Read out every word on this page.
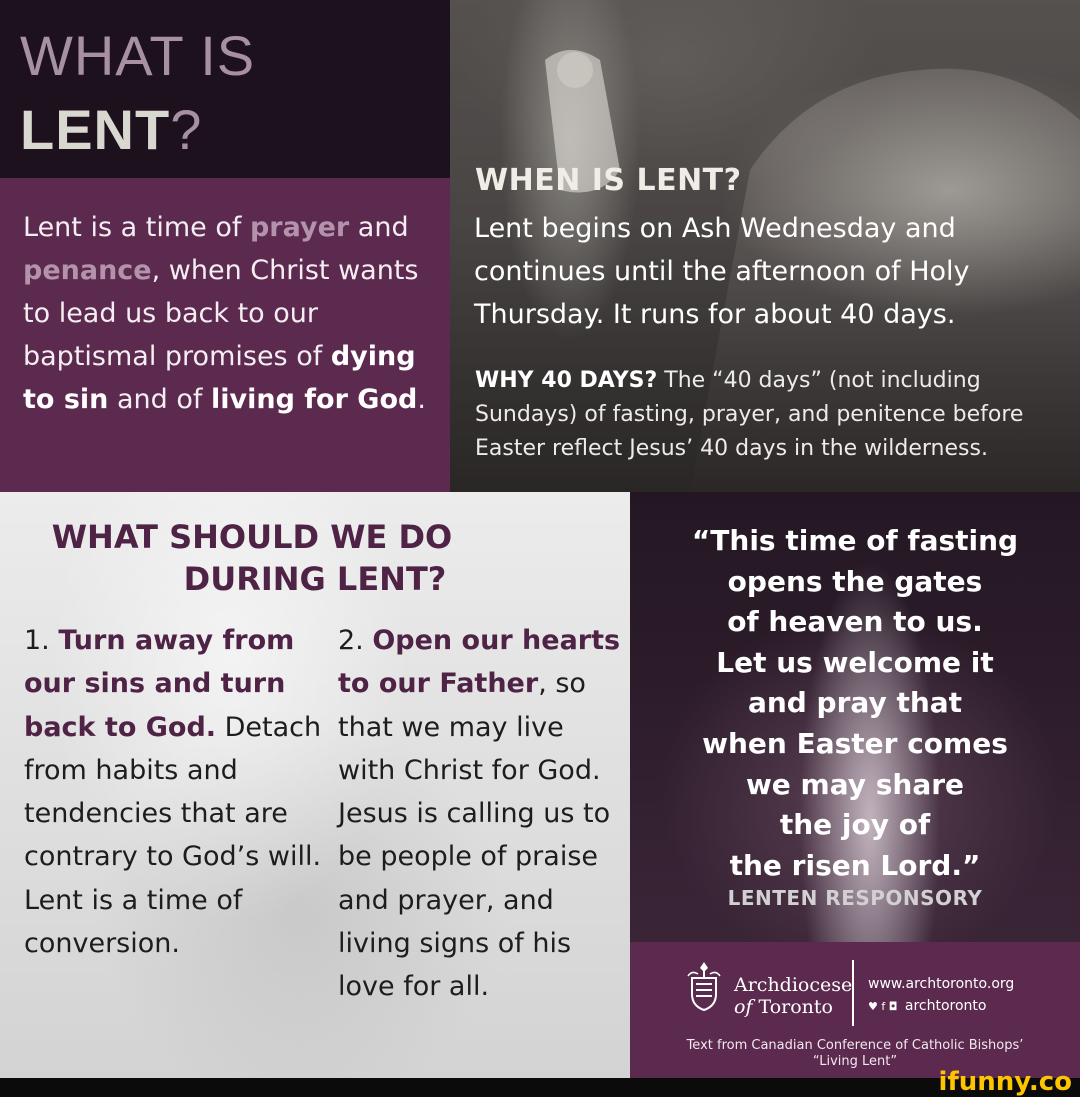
WHAT IS
LENT?
Lent is a time of prayer and penance, when Christ wants to lead us back to our baptismal promises of dying to sin and of living for God.
WHEN IS LENT?
Lent begins on Ash Wednesday and continues until the afternoon of Holy Thursday. It runs for about 40 days.
WHY 40 DAYS? The “40 days” (not including Sundays) of fasting, prayer, and penitence before Easter reflect Jesus’ 40 days in the wilderness.
WHAT SHOULD WE DO
DURING LENT?
1. Turn away from our sins and turn back to God. Detach from habits and tendencies that are contrary to God’s will. Lent is a time of conversion.
2. Open our hearts to our Father, so that we may live with Christ for God. Jesus is calling us to be people of praise and prayer, and living signs of his love for all.
“This time of fasting
opens the gates
of heaven to us.
Let us welcome it
and pray that
when Easter comes
we may share
the joy of
the risen Lord.”
LENTEN RESPONSORY
Archdiocese
of Toronto
www.archtoronto.org
♥ f ◘ archtoronto
Text from Canadian Conference of Catholic Bishops’
“Living Lent”
ifunny.co
